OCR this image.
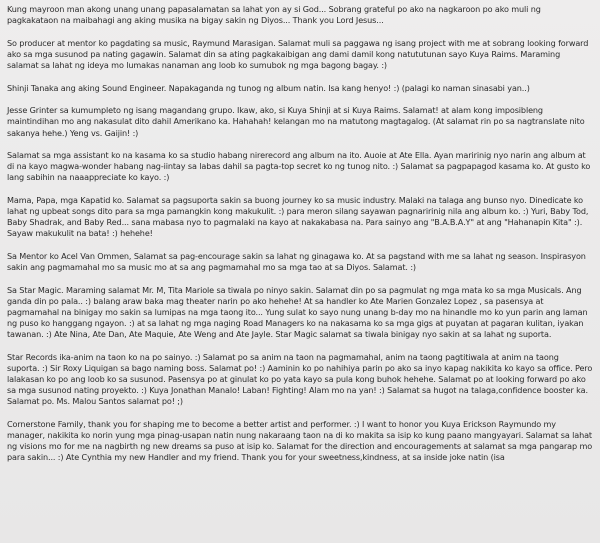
Kung mayroon man akong unang unang papasalamatan sa lahat yon ay si God... Sobrang grateful po ako na nagkaroon po ako muli ng pagkakataon na maibahagi ang aking musika na bigay sakin ng Diyos... Thank you Lord Jesus...

So producer at mentor ko pagdating sa music, Raymund Marasigan. Salamat muli sa paggawa ng isang project with me at sobrang looking forward ako sa mga susunod pa nating gagawin. Salamat din sa ating pagkakaibigan ang dami damil kong natututunan sayo Kuya Raims. Maraming salamat sa lahat ng ideya mo lumakas nanaman ang loob ko sumubok ng mga bagong bagay. :)

Shinji Tanaka ang aking Sound Engineer. Napakaganda ng tunog ng album natin. Isa kang henyo! :) (palagi ko naman sinasabi yan..)

Jesse Grinter sa kumumpleto ng isang magandang grupo. Ikaw, ako, si Kuya Shinji at si Kuya Raims. Salamat! at alam kong imposibleng maintindihan mo ang nakasulat dito dahil Amerikano ka. Hahahah! kelangan mo na matutong magtagalog. (At salamat rin po sa nagtranslate nito sakanya hehe.) Yeng vs. Gaijin! :)

Salamat sa mga assistant ko na kasama ko sa studio habang nirerecord ang album na ito. Auoie at Ate Ella. Ayan maririnig nyo narin ang album at di na kayo magwa-wonder habang nag-iintay sa labas dahil sa pagta-top secret ko ng tunog nito. :) Salamat sa pagpapagod kasama ko. At gusto ko lang sabihin na naaappreciate ko kayo. :)

Mama, Papa, mga Kapatid ko. Salamat sa pagsuporta sakin sa buong journey ko sa music industry. Malaki na talaga ang bunso nyo. Dinedicate ko lahat ng upbeat songs dito para sa mga pamangkin kong makukulit. :) para meron silang sayawan pagnaririnig nila ang album ko. :) Yuri, Baby Tod, Baby Shadrak, and Baby Red... sana mabasa nyo to pagmalaki na kayo at nakakabasa na. Para sainyo ang "B.A.B.A.Y" at ang "Hahanapin Kita" :). Sayaw makukulit na bata! :) hehehe!

Sa Mentor ko Acel Van Ommen, Salamat sa pag-encourage sakin sa lahat ng ginagawa ko. At sa pagstand with me sa lahat ng season. Inspirasyon sakin ang pagmamahal mo sa music mo at sa ang pagmamahal mo sa mga tao at sa Diyos. Salamat. :)

Sa Star Magic. Maraming salamat Mr. M, Tita Mariole sa tiwala po ninyo sakin. Salamat din po sa pagmulat ng mga mata ko sa mga Musicals. Ang ganda din po pala.. :) balang araw baka mag theater narin po ako hehehe! At sa handler ko Ate Marien Gonzalez Lopez , sa pasensya at pagmamahal na binigay mo sakin sa lumipas na mga taong ito... Yung sulat ko sayo nung unang b-day mo na hinandle mo ko yun parin ang laman ng puso ko hanggang ngayon. :) at sa lahat ng mga naging Road Managers ko na nakasama ko sa mga gigs at puyatan at pagaran kulitan, iyakan tawanan. :) Ate Nina, Ate Dan, Ate Maquie, Ate Weng and Ate Jayle. Star Magic salamat sa tiwala binigay nyo sakin at sa lahat ng suporta.

Star Records ika-anim na taon ko na po sainyo. :) Salamat po sa anim na taon na pagmamahal, anim na taong pagtitiwala at anim na taong suporta. :) Sir Roxy Liquigan sa bago naming boss. Salamat po! :) Aaminin ko po nahihiya parin po ako sa inyo kapag nakikita ko kayo sa office. Pero lalakasan ko po ang loob ko sa susunod. Pasensya po at ginulat ko po yata kayo sa pula kong buhok hehehe. Salamat po at looking forward po ako sa mga susunod nating proyekto. :) Kuya Jonathan Manalo! Laban! Fighting! Alam mo na yan! :) Salamat sa hugot na talaga,confidence booster ka. Salamat po. Ms. Malou Santos salamat po! ;)

Cornerstone Family, thank you for shaping me to become a better artist and performer. :) I want to honor you Kuya Erickson Raymundo my manager, nakikita ko norin yung mga pinag-usapan natin nung nakaraang taon na di ko makita sa isip ko kung paano mangyayari. Salamat sa lahat ng visions mo for me na nagbirth ng new dreams sa puso at isip ko. Salamat for the direction and encouragements at salamat sa mga pangarap mo para sakin... :) Ate Cynthia my new Handler and my friend. Thank you for your sweetness,kindness, at sa inside joke natin (isa
